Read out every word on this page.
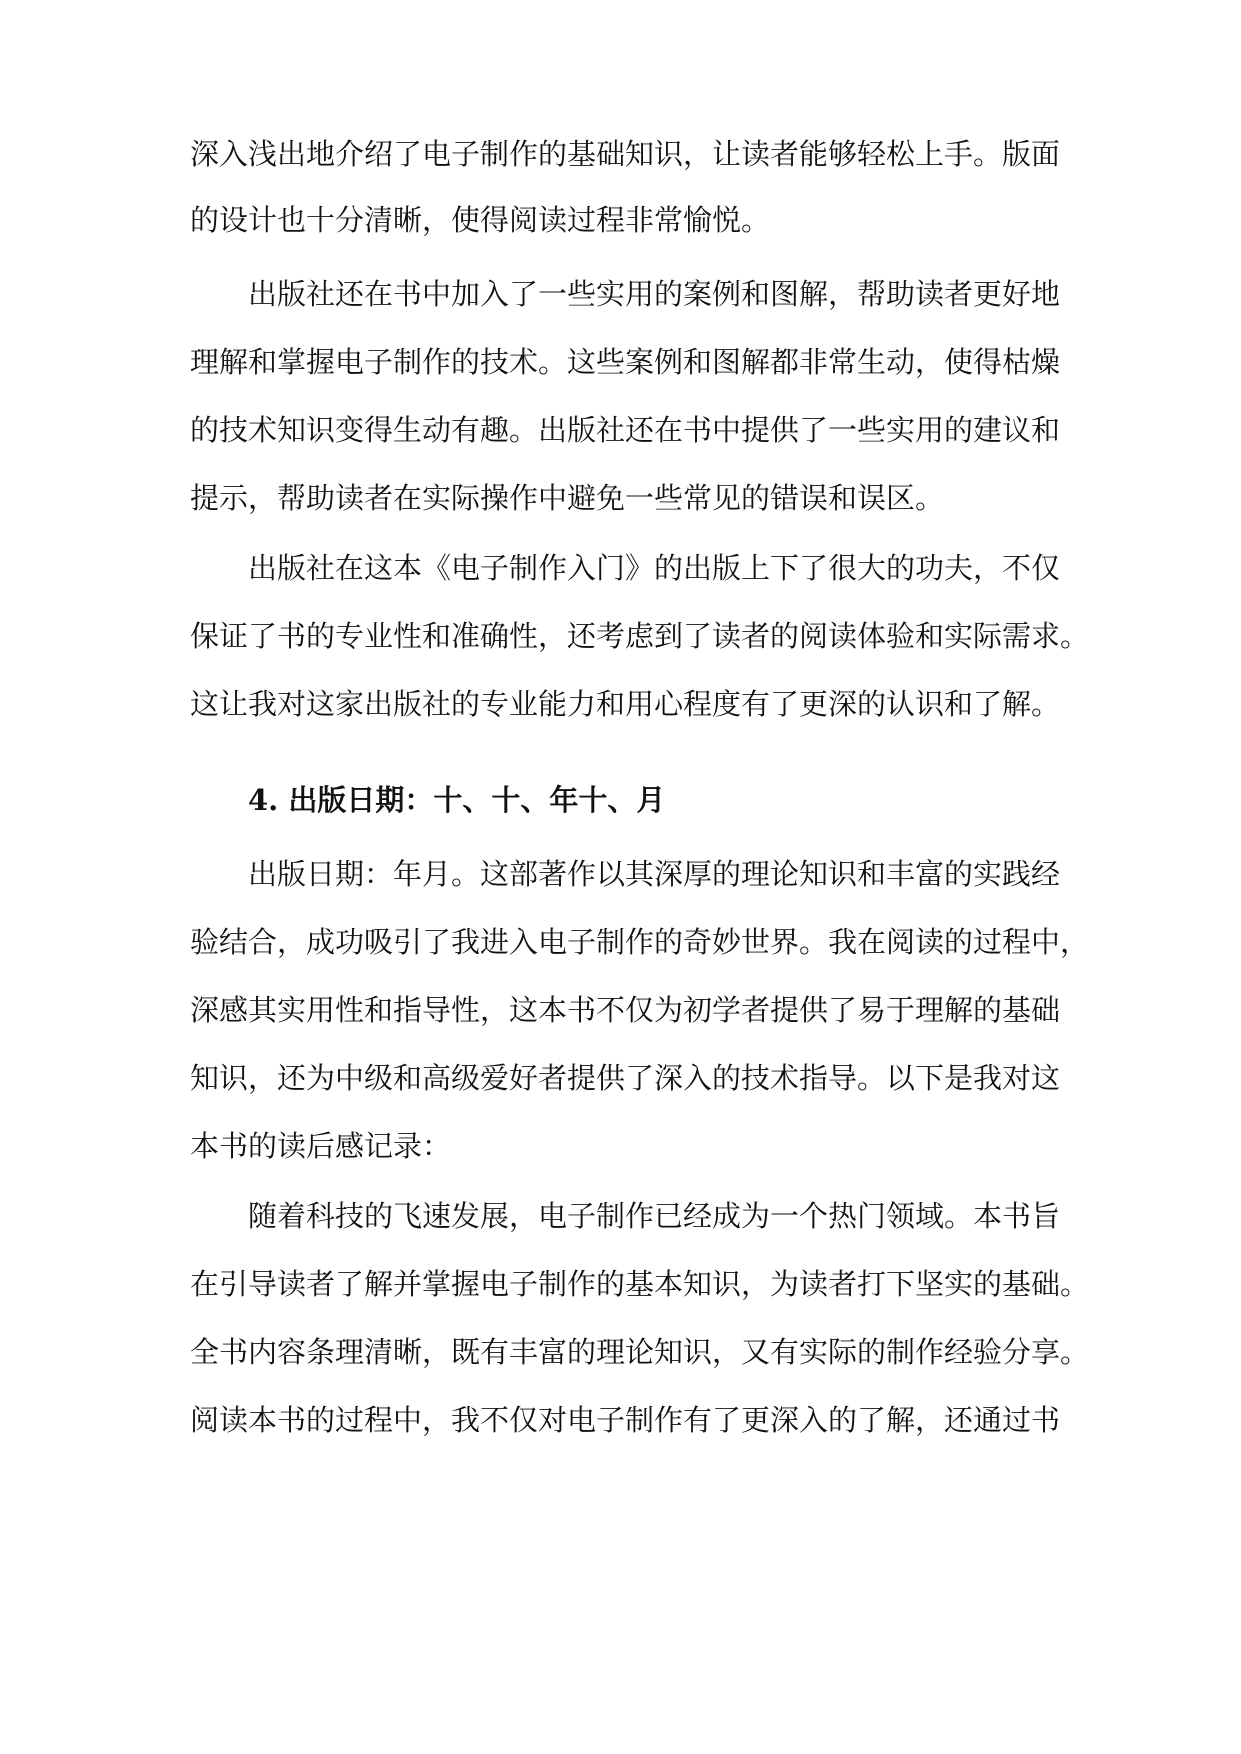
深入浅出地介绍了电子制作的基础知识，让读者能够轻松上手。版面
的设计也十分清晰，使得阅读过程非常愉悦。
出版社还在书中加入了一些实用的案例和图解，帮助读者更好地
理解和掌握电子制作的技术。这些案例和图解都非常生动，使得枯燥
的技术知识变得生动有趣。出版社还在书中提供了一些实用的建议和
提示，帮助读者在实际操作中避免一些常见的错误和误区。
出版社在这本《电子制作入门》的出版上下了很大的功夫，不仅
保证了书的专业性和准确性，还考虑到了读者的阅读体验和实际需求。
这让我对这家出版社的专业能力和用心程度有了更深的认识和了解。
4. 出版日期：十、十、年十、月
出版日期：年月。这部著作以其深厚的理论知识和丰富的实践经
验结合，成功吸引了我进入电子制作的奇妙世界。我在阅读的过程中，
深感其实用性和指导性，这本书不仅为初学者提供了易于理解的基础
知识，还为中级和高级爱好者提供了深入的技术指导。以下是我对这
本书的读后感记录：
随着科技的飞速发展，电子制作已经成为一个热门领域。本书旨
在引导读者了解并掌握电子制作的基本知识，为读者打下坚实的基础。
全书内容条理清晰，既有丰富的理论知识，又有实际的制作经验分享。
阅读本书的过程中，我不仅对电子制作有了更深入的了解，还通过书
